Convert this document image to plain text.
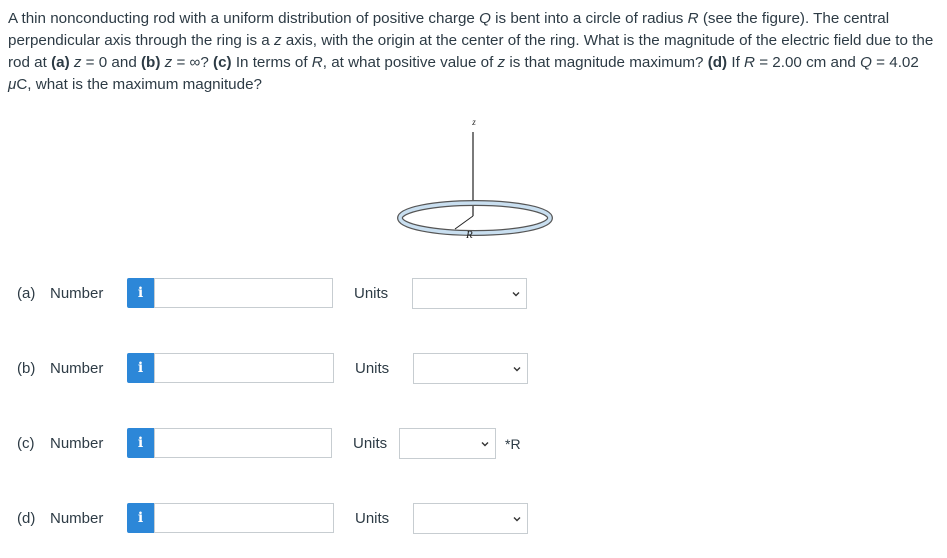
A thin nonconducting rod with a uniform distribution of positive charge Q is bent into a circle of radius R (see the figure). The central perpendicular axis through the ring is a z axis, with the origin at the center of the ring. What is the magnitude of the electric field due to the rod at (a) z = 0 and (b) z = ∞? (c) In terms of R, at what positive value of z is that magnitude maximum? (d) If R = 2.00 cm and Q = 4.02 μC, what is the maximum magnitude?
z
R
(a) Number	i	Units
(b) Number	i	Units
(c) Number	i	Units	*R
(d) Number	i	Units
